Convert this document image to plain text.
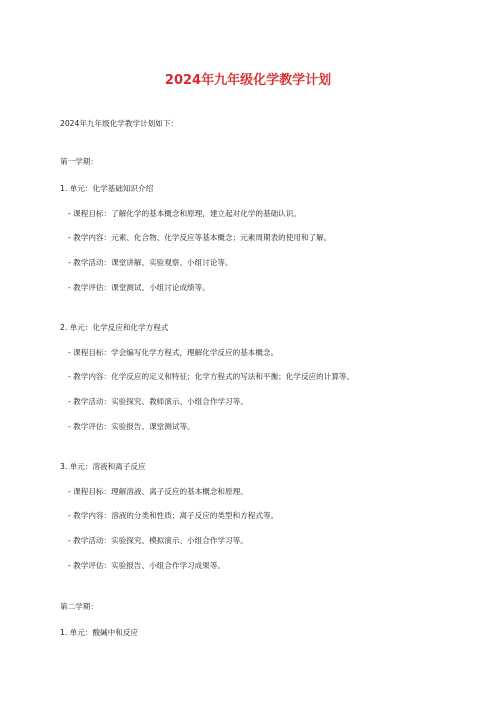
2024年九年级化学教学计划
2024年九年级化学教学计划如下：
第一学期：
1. 单元：化学基础知识介绍
- 课程目标：了解化学的基本概念和原理，建立起对化学的基础认识。
- 教学内容：元素、化合物、化学反应等基本概念；元素周期表的使用和了解。
- 教学活动：课堂讲解、实验观察、小组讨论等。
- 教学评估：课堂测试、小组讨论成绩等。
2. 单元：化学反应和化学方程式
- 课程目标：学会编写化学方程式，理解化学反应的基本概念。
- 教学内容：化学反应的定义和特征；化学方程式的写法和平衡；化学反应的计算等。
- 教学活动：实验探究、教师演示、小组合作学习等。
- 教学评估：实验报告、课堂测试等。
3. 单元：溶液和离子反应
- 课程目标：理解溶液、离子反应的基本概念和原理。
- 教学内容：溶液的分类和性质；离子反应的类型和方程式等。
- 教学活动：实验探究、模拟演示、小组合作学习等。
- 教学评估：实验报告、小组合作学习成果等。
第二学期：
1. 单元：酸碱中和反应
